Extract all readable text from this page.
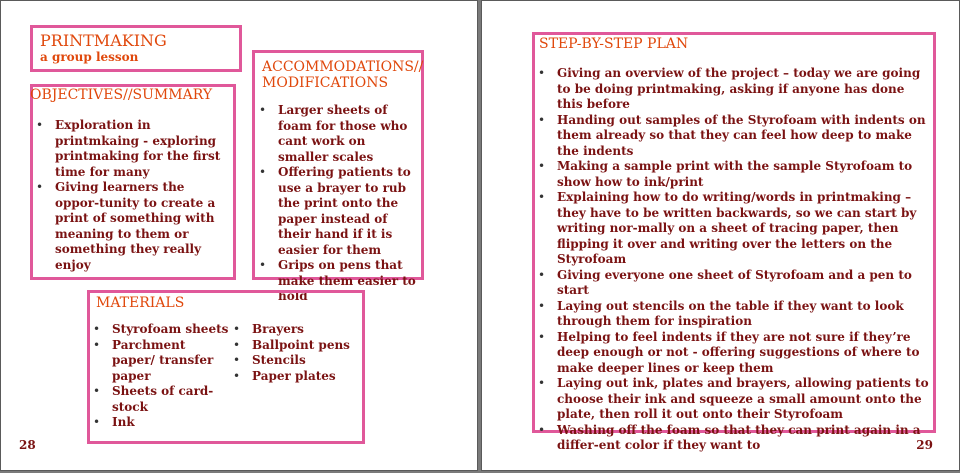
PRINTMAKING
a group lesson
OBJECTIVES//SUMMARY
• Exploration in printmkaing - exploring printmaking for the first time for many
• Giving learners the oppor-tunity to create a print of something with meaning to them or something they really enjoy
ACCOMMODATIONS// MODIFICATIONS
• Larger sheets of foam for those who cant work on smaller scales
• Offering patients to use a brayer to rub the print onto the paper instead of their hand if it is easier for them
• Grips on pens that make them easier to hold
MATERIALS
• Styrofoam sheets
• Parchment paper/ transfer paper
• Sheets of card-stock
• Ink
• Brayers
• Ballpoint pens
• Stencils
• Paper plates
28
STEP-BY-STEP PLAN
• Giving an overview of the project – today we are going to be doing printmaking, asking if anyone has done this before
• Handing out samples of the Styrofoam with indents on them already so that they can feel how deep to make the indents
• Making a sample print with the sample Styrofoam to show how to ink/print
• Explaining how to do writing/words in printmaking – they have to be written backwards, so we can start by writing nor-mally on a sheet of tracing paper, then flipping it over and writing over the letters on the Styrofoam
• Giving everyone one sheet of Styrofoam and a pen to start
• Laying out stencils on the table if they want to look through them for inspiration
• Helping to feel indents if they are not sure if they’re deep enough or not - offering suggestions of where to make deeper lines or keep them
• Laying out ink, plates and brayers, allowing patients to choose their ink and squeeze a small amount onto the plate, then roll it out onto their Styrofoam
• Washing off the foam so that they can print again in a differ-ent color if they want to	29
